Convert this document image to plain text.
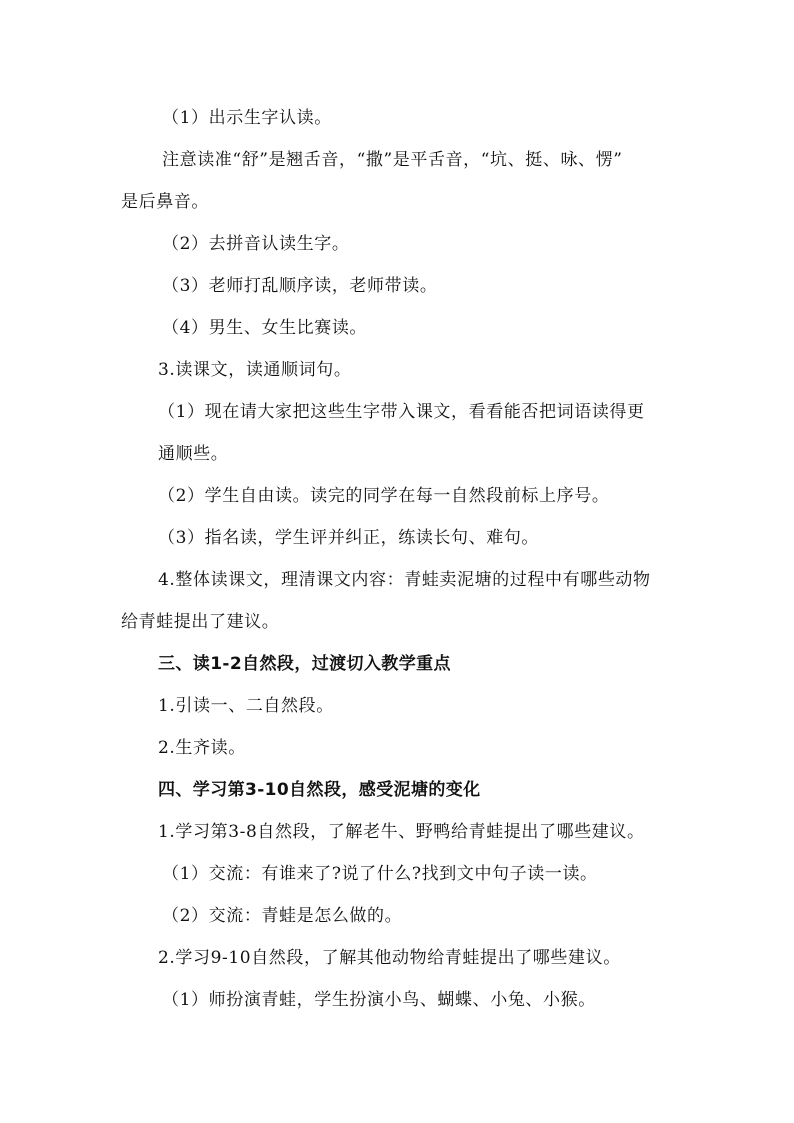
（1）出示生字认读。
注意读准“舒”是翘舌音，“撒”是平舌音，“坑、挺、咏、愣”
是后鼻音。
（2）去拼音认读生字。
（3）老师打乱顺序读，老师带读。
（4）男生、女生比赛读。
3.读课文，读通顺词句。
（1）现在请大家把这些生字带入课文，看看能否把词语读得更
通顺些。
（2）学生自由读。读完的同学在每一自然段前标上序号。
（3）指名读，学生评并纠正，练读长句、难句。
4.整体读课文，理清课文内容：青蛙卖泥塘的过程中有哪些动物
给青蛙提出了建议。
三、读1-2自然段，过渡切入教学重点
1.引读一、二自然段。
2.生齐读。
四、学习第3-10自然段，感受泥塘的变化
1.学习第3-8自然段，了解老牛、野鸭给青蛙提出了哪些建议。
（1）交流：有谁来了?说了什么?找到文中句子读一读。
（2）交流：青蛙是怎么做的。
2.学习9-10自然段，了解其他动物给青蛙提出了哪些建议。
（1）师扮演青蛙，学生扮演小鸟、蝴蝶、小兔、小猴。
